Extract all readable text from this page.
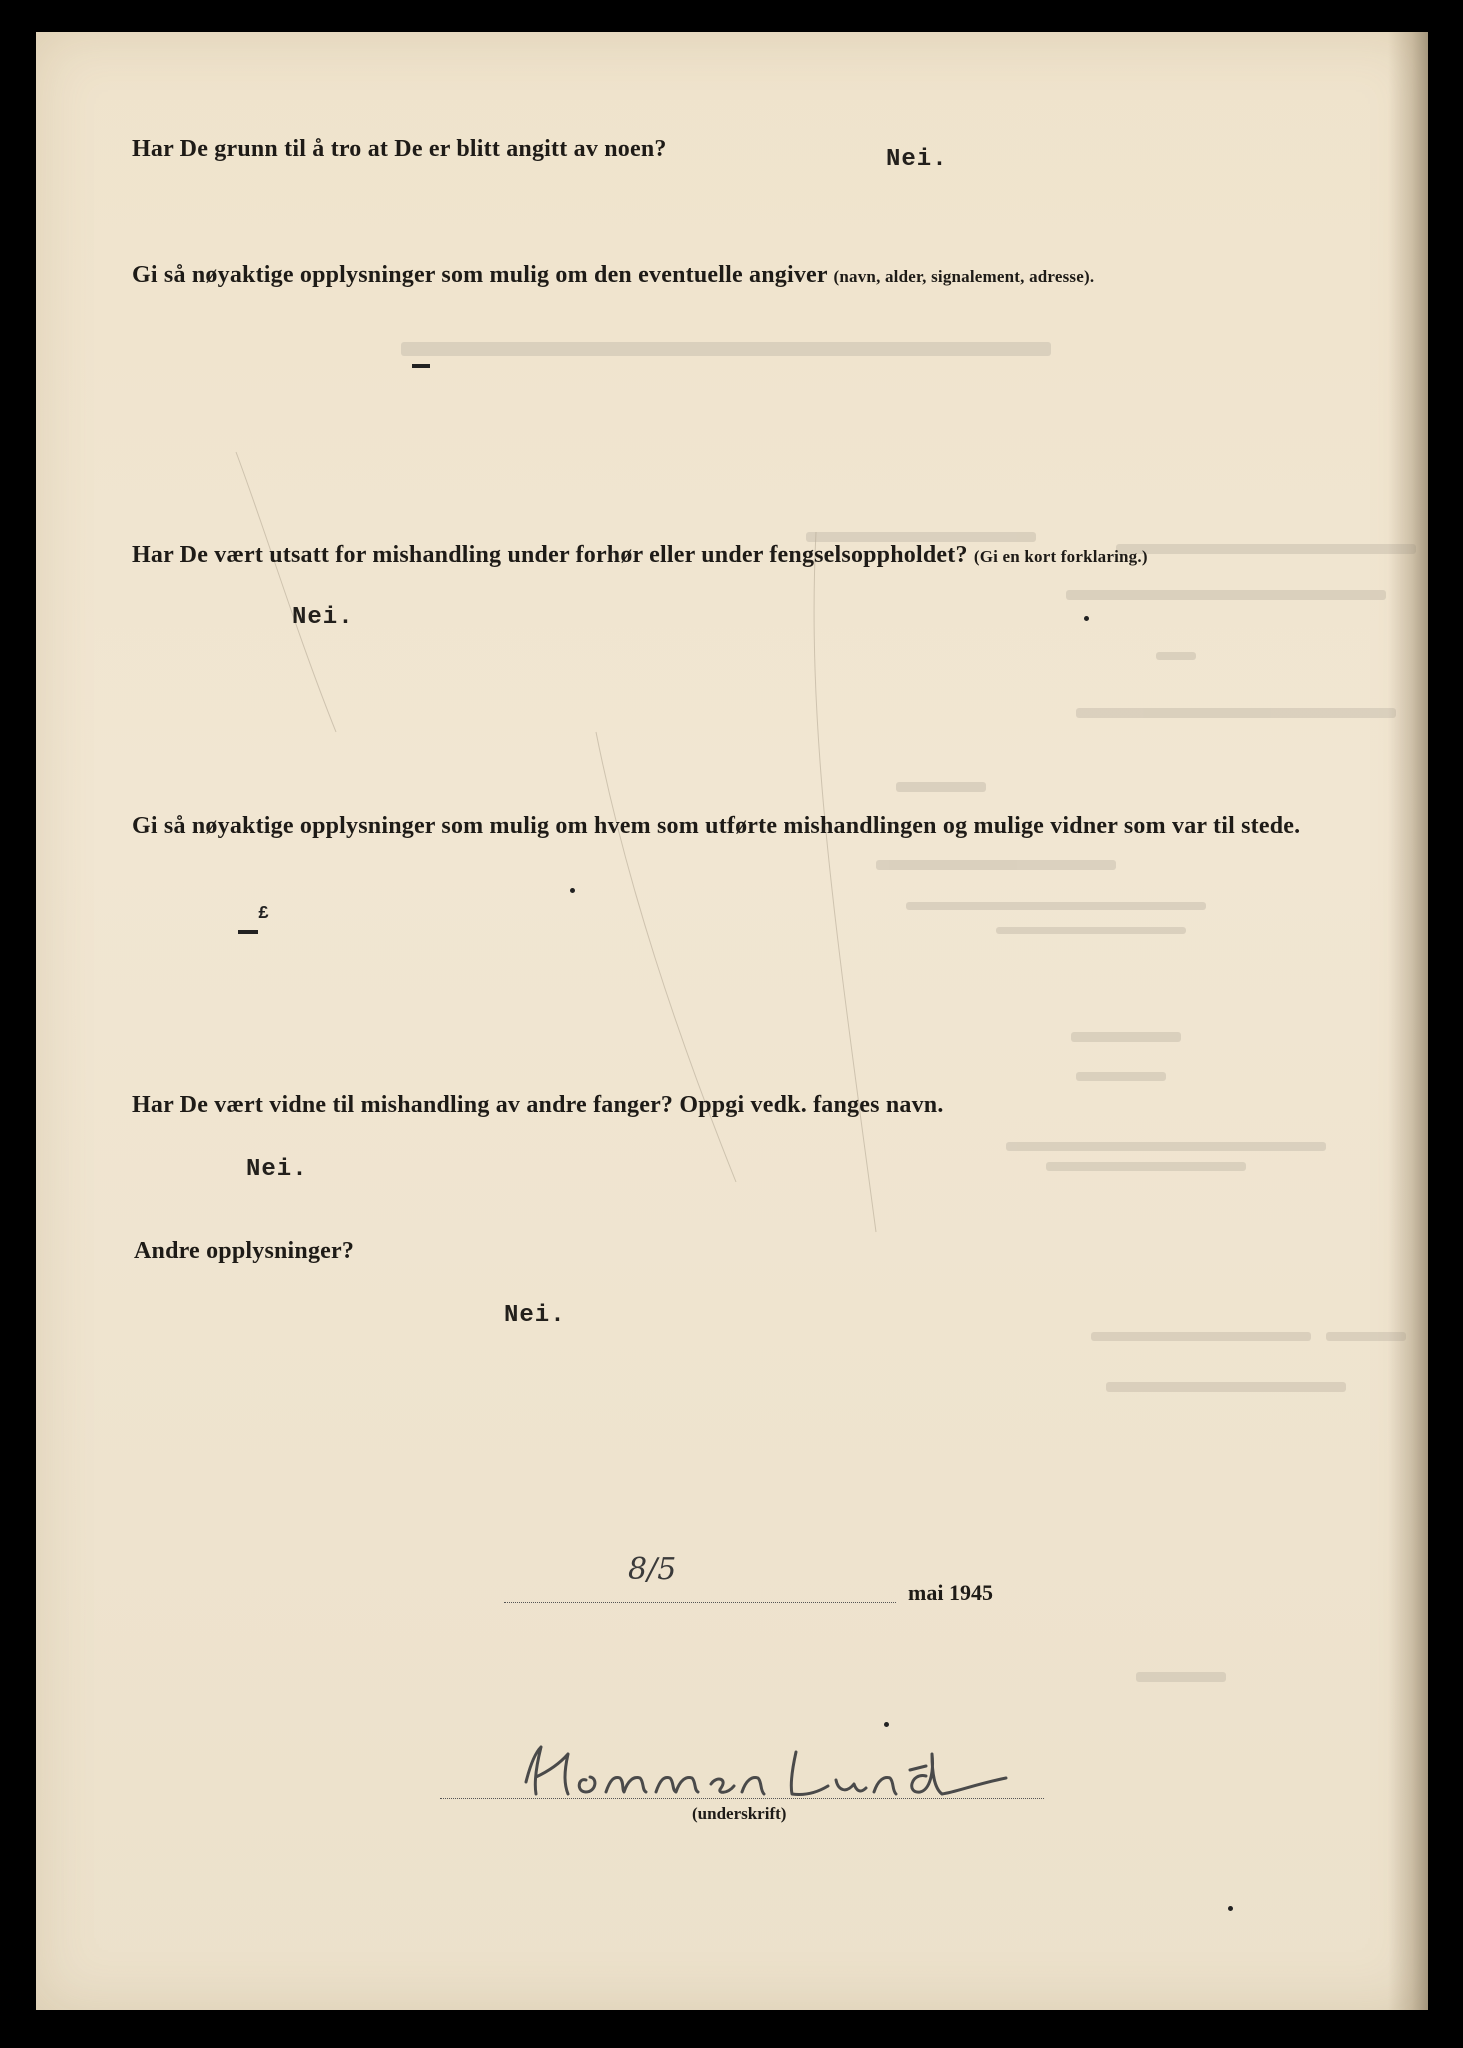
Har De grunn til å tro at De er blitt angitt av noen?	Nei.

Gi så nøyaktige opplysninger som mulig om den eventuelle angiver (navn, alder, signalement, adresse).

Har De vært utsatt for mishandling under forhør eller under fengselsoppholdet? (Gi en kort forklaring.)

Nei.

Gi så nøyaktige opplysninger som mulig om hvem som utførte mishandlingen og mulige vidner som var til stede.

£

Har De vært vidne til mishandling av andre fanger? Oppgi vedk. fanges navn.

Nei.

Andre opplysninger?

Nei.

8/5
mai 1945
(underskrift)
